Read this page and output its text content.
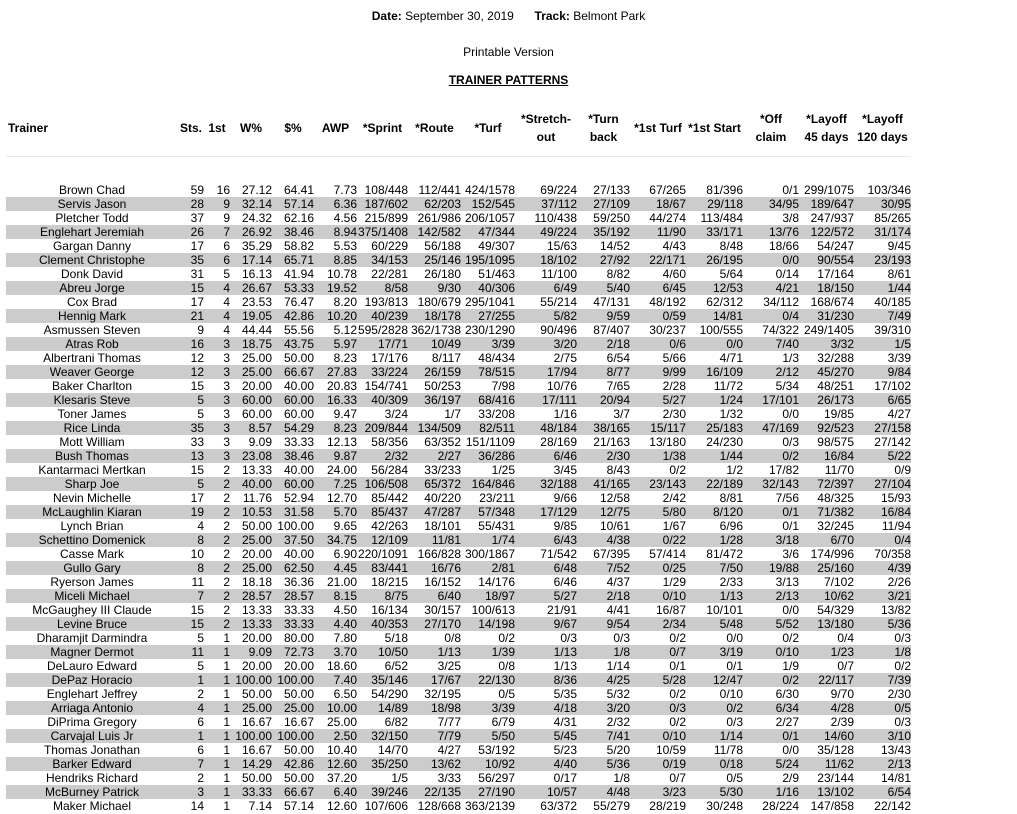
Date: September 30, 2019 Track: Belmont Park
Printable Version
TRAINER PATTERNS
Trainer	Sts.	1st	W%	$%	AWP	*Sprint	*Route	*Turf	*Stretch-
out	*Turn
back	*1st Turf	*1st Start	*Off
claim	*Layoff
45 days	*Layoff
120 days

Brown Chad	59	16	27.12	64.41	7.73	108/448	112/441	424/1578	69/224	27/133	67/265	81/396	0/1	299/1075	103/346
Servis Jason	28	9	32.14	57.14	6.36	187/602	62/203	152/545	37/112	27/109	18/67	29/118	34/95	189/647	30/95
Pletcher Todd	37	9	24.32	62.16	4.56	215/899	261/986	206/1057	110/438	59/250	44/274	113/484	3/8	247/937	85/265
Englehart Jeremiah	26	7	26.92	38.46	8.94	375/1408	142/582	47/344	49/224	35/192	11/90	33/171	13/76	122/572	31/174
Gargan Danny	17	6	35.29	58.82	5.53	60/229	56/188	49/307	15/63	14/52	4/43	8/48	18/66	54/247	9/45
Clement Christophe	35	6	17.14	65.71	8.85	34/153	25/146	195/1095	18/102	27/92	22/171	26/195	0/0	90/554	23/193
Donk David	31	5	16.13	41.94	10.78	22/281	26/180	51/463	11/100	8/82	4/60	5/64	0/14	17/164	8/61
Abreu Jorge	15	4	26.67	53.33	19.52	8/58	9/30	40/306	6/49	5/40	6/45	12/53	4/21	18/150	1/44
Cox Brad	17	4	23.53	76.47	8.20	193/813	180/679	295/1041	55/214	47/131	48/192	62/312	34/112	168/674	40/185
Hennig Mark	21	4	19.05	42.86	10.20	40/239	18/178	27/255	5/82	9/59	0/59	14/81	0/4	31/230	7/49
Asmussen Steven	9	4	44.44	55.56	5.12	595/2828	362/1738	230/1290	90/496	87/407	30/237	100/555	74/322	249/1405	39/310
Atras Rob	16	3	18.75	43.75	5.97	17/71	10/49	3/39	3/20	2/18	0/6	0/0	7/40	3/32	1/5
Albertrani Thomas	12	3	25.00	50.00	8.23	17/176	8/117	48/434	2/75	6/54	5/66	4/71	1/3	32/288	3/39
Weaver George	12	3	25.00	66.67	27.83	33/224	26/159	78/515	17/94	8/77	9/99	16/109	2/12	45/270	9/84
Baker Charlton	15	3	20.00	40.00	20.83	154/741	50/253	7/98	10/76	7/65	2/28	11/72	5/34	48/251	17/102
Klesaris Steve	5	3	60.00	60.00	16.33	40/309	36/197	68/416	17/111	20/94	5/27	1/24	17/101	26/173	6/65
Toner James	5	3	60.00	60.00	9.47	3/24	1/7	33/208	1/16	3/7	2/30	1/32	0/0	19/85	4/27
Rice Linda	35	3	8.57	54.29	8.23	209/844	134/509	82/511	48/184	38/165	15/117	25/183	47/169	92/523	27/158
Mott William	33	3	9.09	33.33	12.13	58/356	63/352	151/1109	28/169	21/163	13/180	24/230	0/3	98/575	27/142
Bush Thomas	13	3	23.08	38.46	9.87	2/32	2/27	36/286	6/46	2/30	1/38	1/44	0/2	16/84	5/22
Kantarmaci Mertkan	15	2	13.33	40.00	24.00	56/284	33/233	1/25	3/45	8/43	0/2	1/2	17/82	11/70	0/9
Sharp Joe	5	2	40.00	60.00	7.25	106/508	65/372	164/846	32/188	41/165	23/143	22/189	32/143	72/397	27/104
Nevin Michelle	17	2	11.76	52.94	12.70	85/442	40/220	23/211	9/66	12/58	2/42	8/81	7/56	48/325	15/93
McLaughlin Kiaran	19	2	10.53	31.58	5.70	85/437	47/287	57/348	17/129	12/75	5/80	8/120	0/1	71/382	16/84
Lynch Brian	4	2	50.00	100.00	9.65	42/263	18/101	55/431	9/85	10/61	1/67	6/96	0/1	32/245	11/94
Schettino Domenick	8	2	25.00	37.50	34.75	12/109	11/81	1/74	6/43	4/38	0/22	1/28	3/18	6/70	0/4
Casse Mark	10	2	20.00	40.00	6.90	220/1091	166/828	300/1867	71/542	67/395	57/414	81/472	3/6	174/996	70/358
Gullo Gary	8	2	25.00	62.50	4.45	83/441	16/76	2/81	6/48	7/52	0/25	7/50	19/88	25/160	4/39
Ryerson James	11	2	18.18	36.36	21.00	18/215	16/152	14/176	6/46	4/37	1/29	2/33	3/13	7/102	2/26
Miceli Michael	7	2	28.57	28.57	8.15	8/75	6/40	18/97	5/27	2/18	0/10	1/13	2/13	10/62	3/21
McGaughey III Claude	15	2	13.33	33.33	4.50	16/134	30/157	100/613	21/91	4/41	16/87	10/101	0/0	54/329	13/82
Levine Bruce	15	2	13.33	33.33	4.40	40/353	27/170	14/198	9/67	9/54	2/34	5/48	5/52	13/180	5/36
Dharamjit Darmindra	5	1	20.00	80.00	7.80	5/18	0/8	0/2	0/3	0/3	0/2	0/0	0/2	0/4	0/3
Magner Dermot	11	1	9.09	72.73	3.70	10/50	1/13	1/39	1/13	1/8	0/7	3/19	0/10	1/23	1/8
DeLauro Edward	5	1	20.00	20.00	18.60	6/52	3/25	0/8	1/13	1/14	0/1	0/1	1/9	0/7	0/2
DePaz Horacio	1	1	100.00	100.00	7.40	35/146	17/67	22/130	8/36	4/25	5/28	12/47	0/2	22/117	7/39
Englehart Jeffrey	2	1	50.00	50.00	6.50	54/290	32/195	0/5	5/35	5/32	0/2	0/10	6/30	9/70	2/30
Arriaga Antonio	4	1	25.00	25.00	10.00	14/89	18/98	3/39	4/18	3/20	0/3	0/2	6/34	4/28	0/5
DiPrima Gregory	6	1	16.67	16.67	25.00	6/82	7/77	6/79	4/31	2/32	0/2	0/3	2/27	2/39	0/3
Carvajal Luis Jr	1	1	100.00	100.00	2.50	32/150	7/79	5/50	5/45	7/41	0/10	1/14	0/1	14/60	3/10
Thomas Jonathan	6	1	16.67	50.00	10.40	14/70	4/27	53/192	5/23	5/20	10/59	11/78	0/0	35/128	13/43
Barker Edward	7	1	14.29	42.86	12.60	35/250	13/62	10/92	4/40	5/36	0/19	0/18	5/24	11/62	2/13
Hendriks Richard	2	1	50.00	50.00	37.20	1/5	3/33	56/297	0/17	1/8	0/7	0/5	2/9	23/144	14/81
McBurney Patrick	3	1	33.33	66.67	6.40	39/246	22/135	27/190	10/57	4/48	3/23	5/30	1/16	13/102	6/54
Maker Michael	14	1	7.14	57.14	12.60	107/606	128/668	363/2139	63/372	55/279	28/219	30/248	28/224	147/858	22/142
